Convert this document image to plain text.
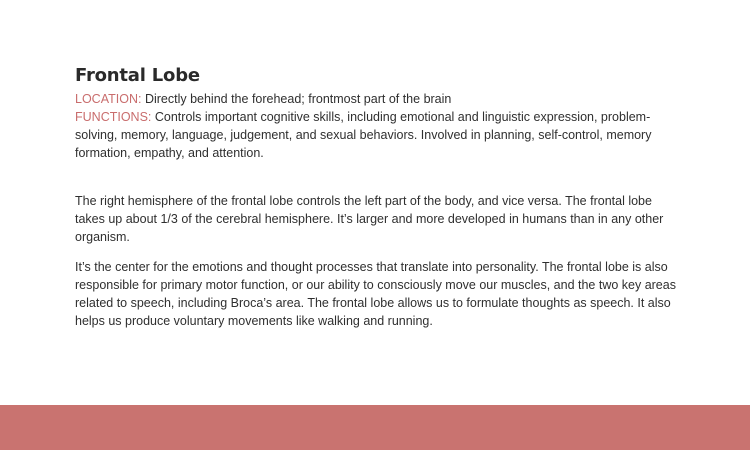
Frontal Lobe
LOCATION: Directly behind the forehead; frontmost part of the brain
FUNCTIONS: Controls important cognitive skills, including emotional and linguistic expression, problem-solving, memory, language, judgement, and sexual behaviors. Involved in planning, self-control, memory formation, empathy, and attention.

The right hemisphere of the frontal lobe controls the left part of the body, and vice versa. The frontal lobe takes up about 1/3 of the cerebral hemisphere. It’s larger and more developed in humans than in any other organism.

It’s the center for the emotions and thought processes that translate into personality. The frontal lobe is also responsible for primary motor function, or our ability to consciously move our muscles, and the two key areas related to speech, including Broca’s area. The frontal lobe allows us to formulate thoughts as speech. It also helps us produce voluntary movements like walking and running.
